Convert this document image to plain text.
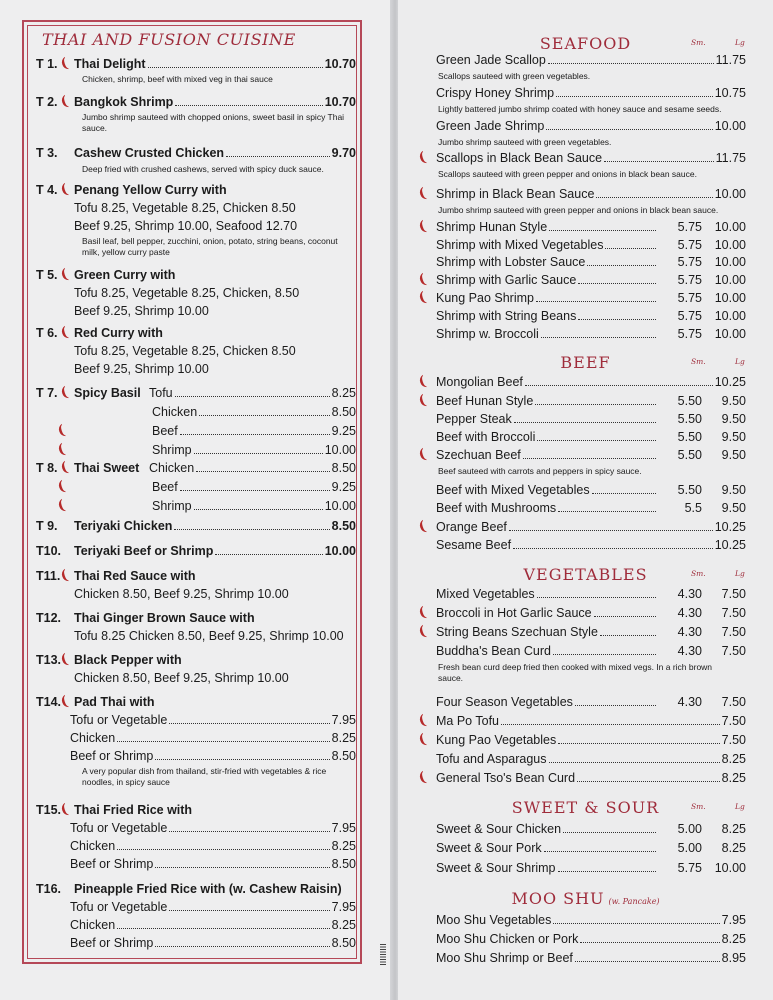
THAI AND FUSION CUISINE
T 1. ( Thai Delight	10.70
Chicken, shrimp, beef with mixed veg in thai sauce
T 2. ( Bangkok Shrimp	10.70
Jumbo shrimp sauteed with chopped onions, sweet basil in spicy Thai sauce.
T 3. Cashew Crusted Chicken	9.70
Deep fried with crushed cashews, served with spicy duck sauce.
T 4. ( Penang Yellow Curry with
Tofu 8.25, Vegetable 8.25, Chicken 8.50
Beef 9.25, Shrimp 10.00, Seafood 12.70
Basil leaf, bell pepper, zucchini, onion, potato, string beans, coconut milk, yellow curry paste
T 5. ( Green Curry with
Tofu 8.25, Vegetable 8.25, Chicken, 8.50
Beef 9.25, Shrimp 10.00
T 6. ( Red Curry with
Tofu 8.25, Vegetable 8.25, Chicken 8.50
Beef 9.25, Shrimp 10.00
T 7. ( Spicy Basil Tofu	8.25
Chicken	8.50
Beef	9.25
(
Shrimp	10.00
(
T 8. ( Thai Sweet Chicken	8.50
Beef	9.25
(
Shrimp	10.00
(
T 9. Teriyaki Chicken	8.50
T10. Teriyaki Beef or Shrimp	10.00
T11.
( Thai Red Sauce with
Chicken 8.50, Beef 9.25, Shrimp 10.00
T12. Thai Ginger Brown Sauce with
Tofu 8.25 Chicken 8.50, Beef 9.25, Shrimp 10.00
T13.
( Black Pepper with
Chicken 8.50, Beef 9.25, Shrimp 10.00
T14.
( Pad Thai with
Tofu or Vegetable	7.95
Chicken	8.25
Beef or Shrimp	8.50
A very popular dish from thailand, stir-fried with vegetables & rice noodles, in spicy sauce
T15.
( Thai Fried Rice with
Tofu or Vegetable	7.95
Chicken	8.25
Beef or Shrimp	8.50
T16. Pineapple Fried Rice with (w. Cashew Raisin)
Tofu or Vegetable	7.95
Chicken	8.25
Beef or Shrimp	8.50
SEAFOOD	Sm.	Lg
Green Jade Scallop	11.75
Scallops sauteed with green vegetables.
Crispy Honey Shrimp	10.75
Lightly battered jumbo shrimp coated with honey sauce and sesame seeds.
Green Jade Shrimp	10.00
Jumbo shrimp sauteed with green vegetables.
Scallops in Black Bean Sauce	11.75
(
Scallops sauteed with green pepper and onions in black bean sauce.
Shrimp in Black Bean Sauce	10.00
(
Jumbo shrimp sauteed with green pepper and onions in black bean sauce.
Shrimp Hunan Style	5.75	10.00
(
Shrimp with Mixed Vegetables	5.75	10.00
Shrimp with Lobster Sauce	5.75	10.00
Shrimp with Garlic Sauce	5.75	10.00
(
Kung Pao Shrimp	5.75	10.00
(
Shrimp with String Beans	5.75	10.00
Shrimp w. Broccoli	5.75	10.00
BEEF	Sm.	Lg
Mongolian Beef	10.25
(
Beef Hunan Style	5.50	9.50
(
Pepper Steak	5.50	9.50
Beef with Broccoli	5.50	9.50
Szechuan Beef	5.50	9.50
(
Beef sauteed with carrots and peppers in spicy sauce.
Beef with Mixed Vegetables	5.50	9.50
Beef with Mushrooms	5.5	9.50
Orange Beef	10.25
(
Sesame Beef	10.25
VEGETABLES	Sm.	Lg
Mixed Vegetables	4.30	7.50
Broccoli in Hot Garlic Sauce	4.30	7.50
(
String Beans Szechuan Style	4.30	7.50
(
Buddha's Bean Curd	4.30	7.50
Fresh bean curd deep fried then cooked with mixed vegs. In a rich brown sauce.
Four Season Vegetables	4.30	7.50
Ma Po Tofu	7.50
(
Kung Pao Vegetables	7.50
(
Tofu and Asparagus	8.25
General Tso's Bean Curd	8.25
(
SWEET & SOUR	Sm.	Lg
Sweet & Sour Chicken	5.00	8.25
Sweet & Sour Pork	5.00	8.25
Sweet & Sour Shrimp	5.75	10.00
MOO SHU (w. Pancake)
Moo Shu Vegetables	7.95
Moo Shu Chicken or Pork	8.25
Moo Shu Shrimp or Beef	8.95
